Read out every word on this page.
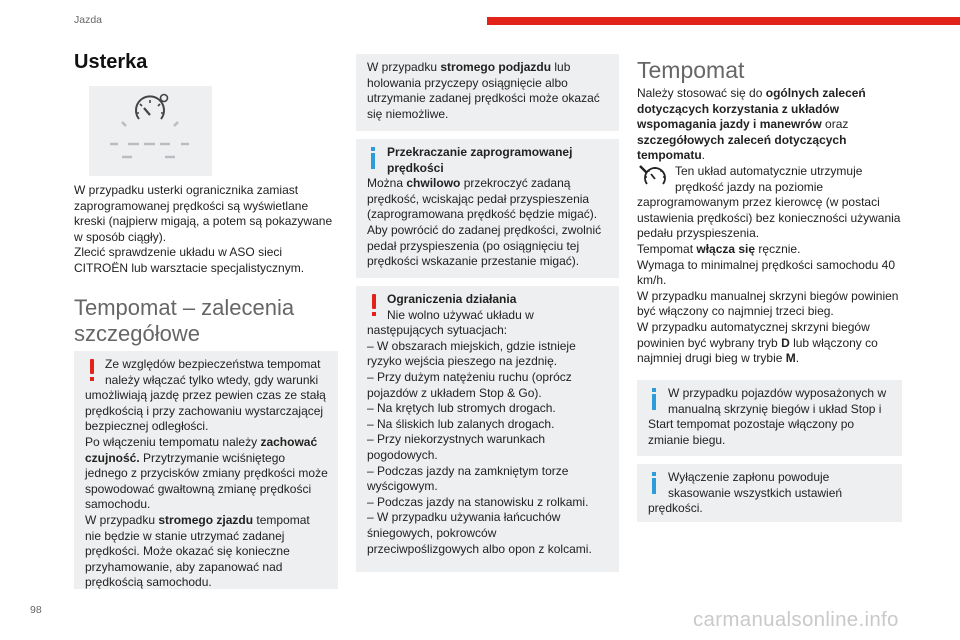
Jazda
Usterka

W przypadku usterki ogranicznika zamiast zaprogramowanej prędkości są wyświetlane kreski (najpierw migają, a potem są pokazywane w sposób ciągły).

Zlecić sprawdzenie układu w ASO sieci CITROËN lub warsztacie specjalistycznym.

Tempomat – zalecenia szczegółowe

Ze względów bezpieczeństwa tempomat należy włączać tylko wtedy, gdy warunki umożliwiają jazdę przez pewien czas ze stałą prędkością i przy zachowaniu wystarczającej bezpiecznej odległości.

Po włączeniu tempomatu należy zachować czujność. Przytrzymanie wciśniętego jednego z przycisków zmiany prędkości może spowodować gwałtowną zmianę prędkości samochodu.

W przypadku stromego zjazdu tempomat nie będzie w stanie utrzymać zadanej prędkości. Może okazać się konieczne przyhamowanie, aby zapanować nad prędkością samochodu.

W przypadku stromego podjazdu lub holowania przyczepy osiągnięcie albo utrzymanie zadanej prędkości może okazać się niemożliwe.

Przekraczanie zaprogramowanej prędkości

Można chwilowo przekroczyć zadaną prędkość, wciskając pedał przyspieszenia (zaprogramowana prędkość będzie migać). Aby powrócić do zadanej prędkości, zwolnić pedał przyspieszenia (po osiągnięciu tej prędkości wskazanie przestanie migać).

Ograniczenia działania

Nie wolno używać układu w następujących sytuacjach:

– W obszarach miejskich, gdzie istnieje ryzyko wejścia pieszego na jezdnię.

– Przy dużym natężeniu ruchu (oprócz pojazdów z układem Stop & Go).

– Na krętych lub stromych drogach.

– Na śliskich lub zalanych drogach.

– Przy niekorzystnych warunkach pogodowych.

– Podczas jazdy na zamkniętym torze wyścigowym.

– Podczas jazdy na stanowisku z rolkami.

– W przypadku używania łańcuchów śniegowych, pokrowców przeciwpoślizgowych albo opon z kolcami.

Tempomat

Należy stosować się do ogólnych zaleceń dotyczących korzystania z układów wspomagania jazdy i manewrów oraz szczegółowych zaleceń dotyczących tempomatu.

Ten układ automatycznie utrzymuje prędkość jazdy na poziomie zaprogramowanym przez kierowcę (w postaci ustawienia prędkości) bez konieczności używania pedału przyspieszenia.

Tempomat włącza się ręcznie.

Wymaga to minimalnej prędkości samochodu 40 km/h.

W przypadku manualnej skrzyni biegów powinien być włączony co najmniej trzeci bieg.

W przypadku automatycznej skrzyni biegów powinien być wybrany tryb D lub włączony co najmniej drugi bieg w trybie M.

W przypadku pojazdów wyposażonych w manualną skrzynię biegów i układ Stop i Start tempomat pozostaje włączony po zmianie biegu.

Wyłączenie zapłonu powoduje skasowanie wszystkich ustawień prędkości.

98	carmanualsonline.info
